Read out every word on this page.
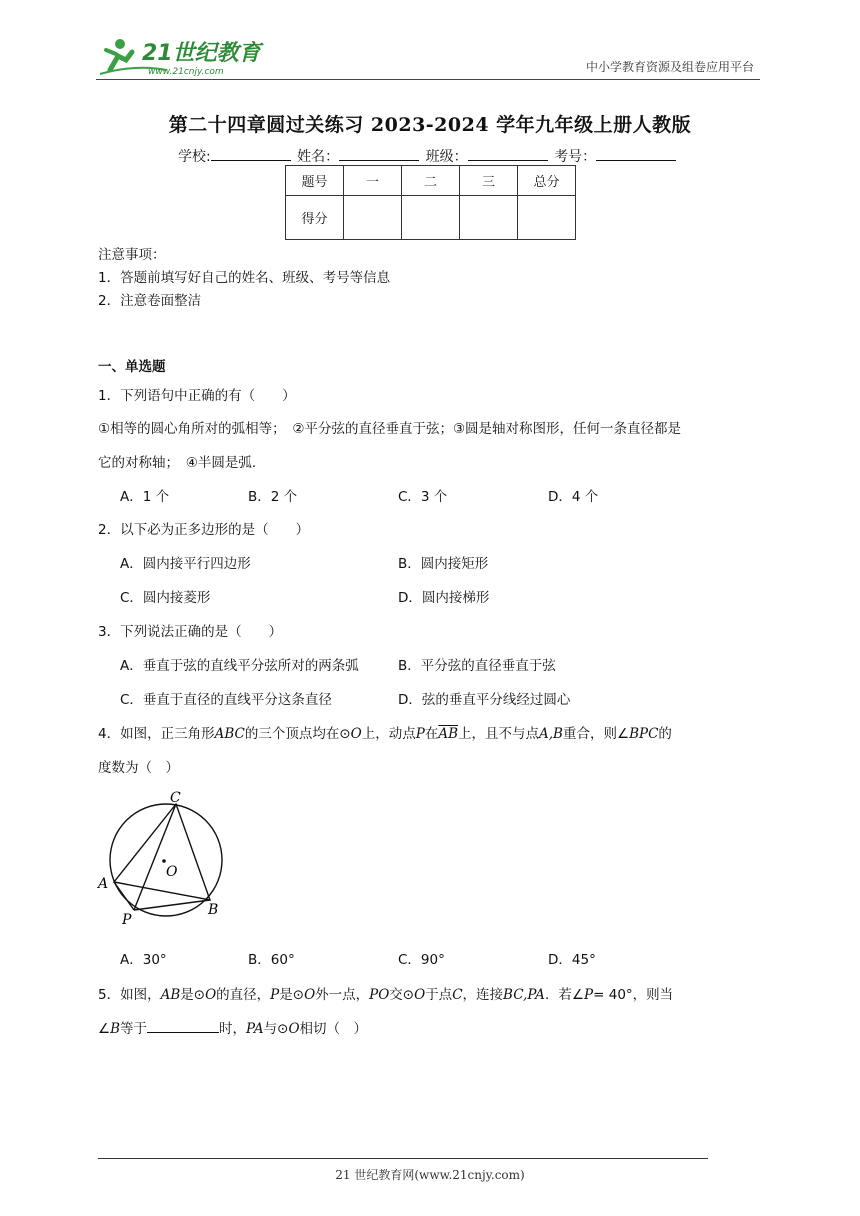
21世纪教育
www.21cnjy.com	中小学教育资源及组卷应用平台
第二十四章圆过关练习 2023-2024 学年九年级上册人教版
学校:	姓名：	班级：	考号：
题号	一	二	三	总分
得分				
注意事项：
1．答题前填写好自己的姓名、班级、考号等信息
2．注意卷面整洁
一、单选题
1．下列语句中正确的有（　　）
①相等的圆心角所对的弧相等；　②平分弦的直径垂直于弦；③圆是轴对称图形，任何一条直径都是
它的对称轴；　④半圆是弧．
A．1 个	B．2 个	C．3 个	D．4 个
2．以下必为正多边形的是（　　）
A．圆内接平行四边形	B．圆内接矩形
C．圆内接菱形	D．圆内接梯形
3．下列说法正确的是（　　）
A．垂直于弦的直线平分弦所对的两条弧	B．平分弦的直径垂直于弦
C．垂直于直径的直线平分这条直径	D．弦的垂直平分线经过圆心
4．如图，正三角形ABC的三个顶点均在⊙O上，动点P在$\overline{AB}$上，且不与点A,B重合，则∠BPC的
度数为（　）
C
O
A
P
B
A．30°	B．60°	C．90°	D．45°
5．如图，AB是⊙O的直径，P是⊙O外一点，PO交⊙O于点C，连接BC,PA．若∠P= 40°，则当
∠B等于	时，PA与⊙O相切（　）
21 世纪教育网(www.21cnjy.com)
